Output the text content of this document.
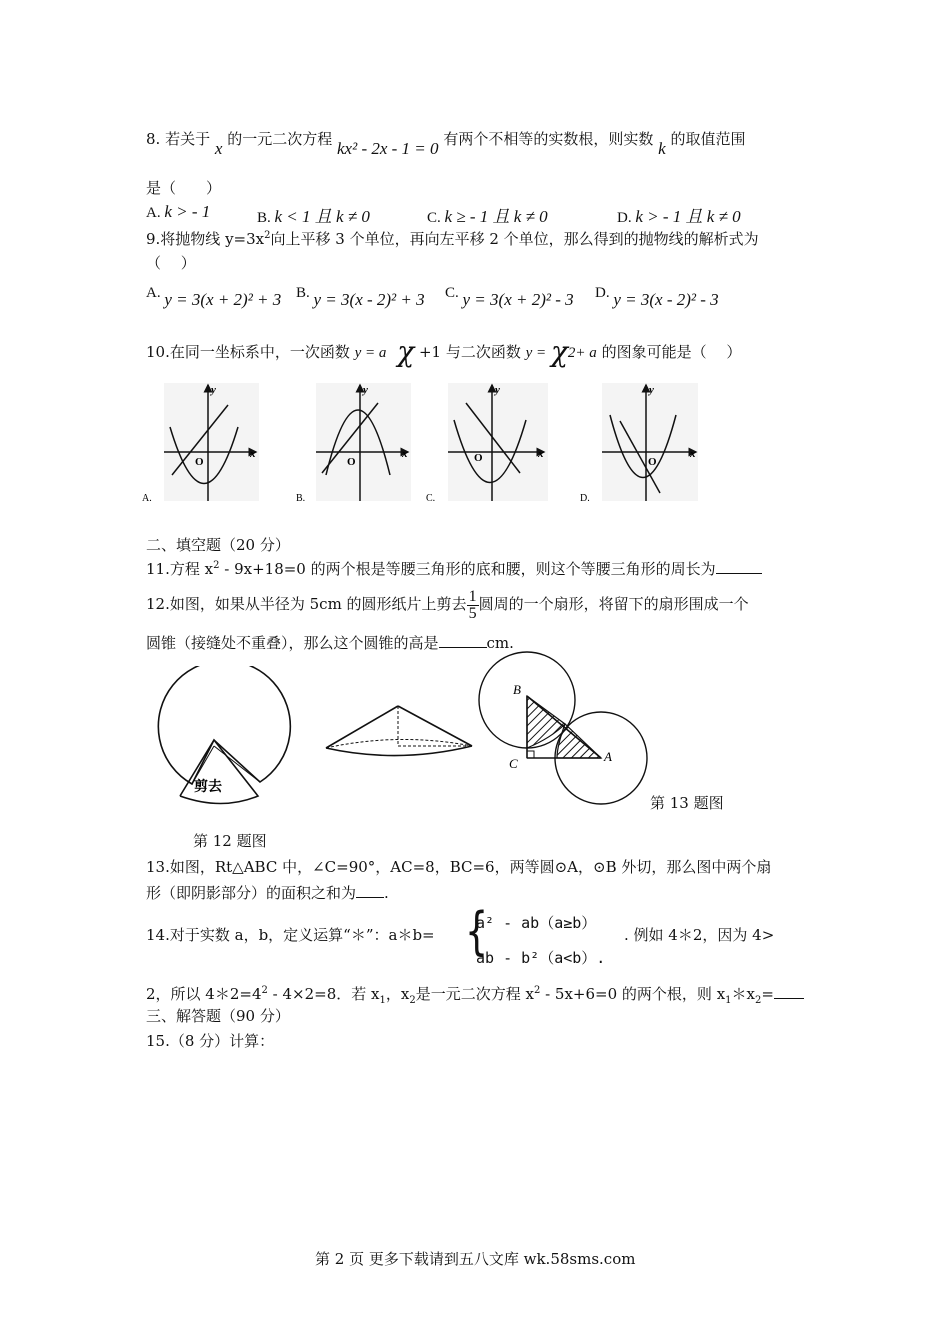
8. 若关于 x 的一元二次方程 kx² - 2x - 1 = 0 有两个不相等的实数根，则实数 k 的取值范围
是（　　）
A. k > - 1	B. k < 1 且 k ≠ 0	C. k ≥ - 1 且 k ≠ 0	D. k > - 1 且 k ≠ 0
9.将抛物线 $y=3x^2$向上平移 3 个单位，再向左平移 2 个单位，那么得到的抛物线的解析式为
（　 ）
A. y = 3(x + 2)² + 3 B. y = 3(x - 2)² + 3 C. y = 3(x + 2)² - 3 D. y = 3(x - 2)² - 3
10.在同一坐标系中，一次函数 y = a χ +1 与二次函数 y = χ2+ a 的图象可能是（　 ）
y
x
O
A.
y
x
O
B.
y
x
O
C.
y
x
O
D.
二、填空题（20 分）
11.方程 $x^2 - 9x+18=0$ 的两个根是等腰三角形的底和腰，则这个等腰三角形的周长为
12.如图，如果从半径为 5cm 的圆形纸片上剪去 $\frac{1}{5}$ 圆周的一个扇形，将留下的扇形围成一个
圆锥（接缝处不重叠），那么这个圆锥的高是	cm.
剪去
第 12 题图
B
C	A
第 13 题图
13.如图，Rt△ABC 中，∠C=90°，AC=8，BC=6，两等圆⊙A，⊙B 外切，那么图中两个扇
形（即阴影部分）的面积之和为 .
14.对于实数 a，b，定义运算“＊”：a＊b= {
a² - ab（a≥b）
ab - b²（a<b）.
. 例如 4＊2，因为 4>
2，所以 $4*2=4^2 - 4\times 2=8$．若 $x_1$，$x_2$是一元二次方程 $x^2 - 5x+6=0$ 的两个根，则 $x_1*x_2=$
三、解答题（90 分）
15.（8 分）计算：
第 2 页 更多下载请到五八文库 wk.58sms.com
